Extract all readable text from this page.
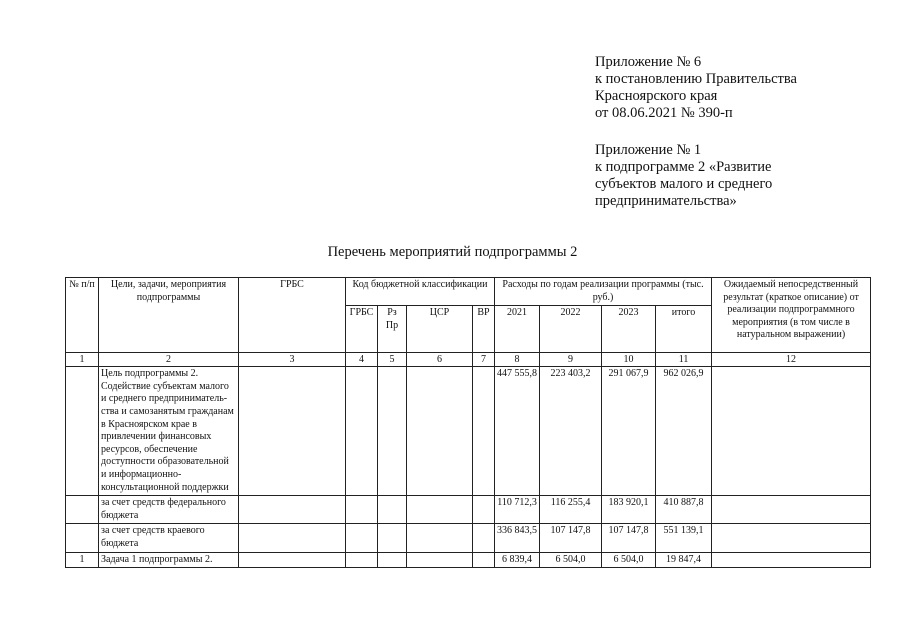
Приложение № 6
к постановлению Правительства
Красноярского края
от 08.06.2021 № 390-п
Приложение № 1
к подпрограмме 2 «Развитие
субъектов малого и среднего
предпринимательства»
Перечень мероприятий подпрограммы 2
№ п/п	Цели, задачи, мероприятия подпрограммы	ГРБС	Код бюджетной классификации				Расходы по годам реализации программы (тыс. руб.)				Ожидаемый непосредственный результат (краткое описание) от реализации подпрограммного мероприятия (в том числе в натуральном выражении)
			ГРБС	Рз Пр	ЦСР	ВР	2021	2022	2023	итого	
1	2	3	4	5	6	7	8	9	10	11	12
	Цель подпрограммы 2. Содействие субъектам малого и среднего предприниматель-ства и самозанятым гражданам в Красноярском крае в привлечении финансовых ресурсов, обеспечение доступности образовательной и информационно-консультационной поддержки						447 555,8	223 403,2	291 067,9	962 026,9	
	за счет средств федерального бюджета						110 712,3	116 255,4	183 920,1	410 887,8	
	за счет средств краевого бюджета						336 843,5	107 147,8	107 147,8	551 139,1	
1	Задача 1 подпрограммы 2.						6 839,4	6 504,0	6 504,0	19 847,4	
